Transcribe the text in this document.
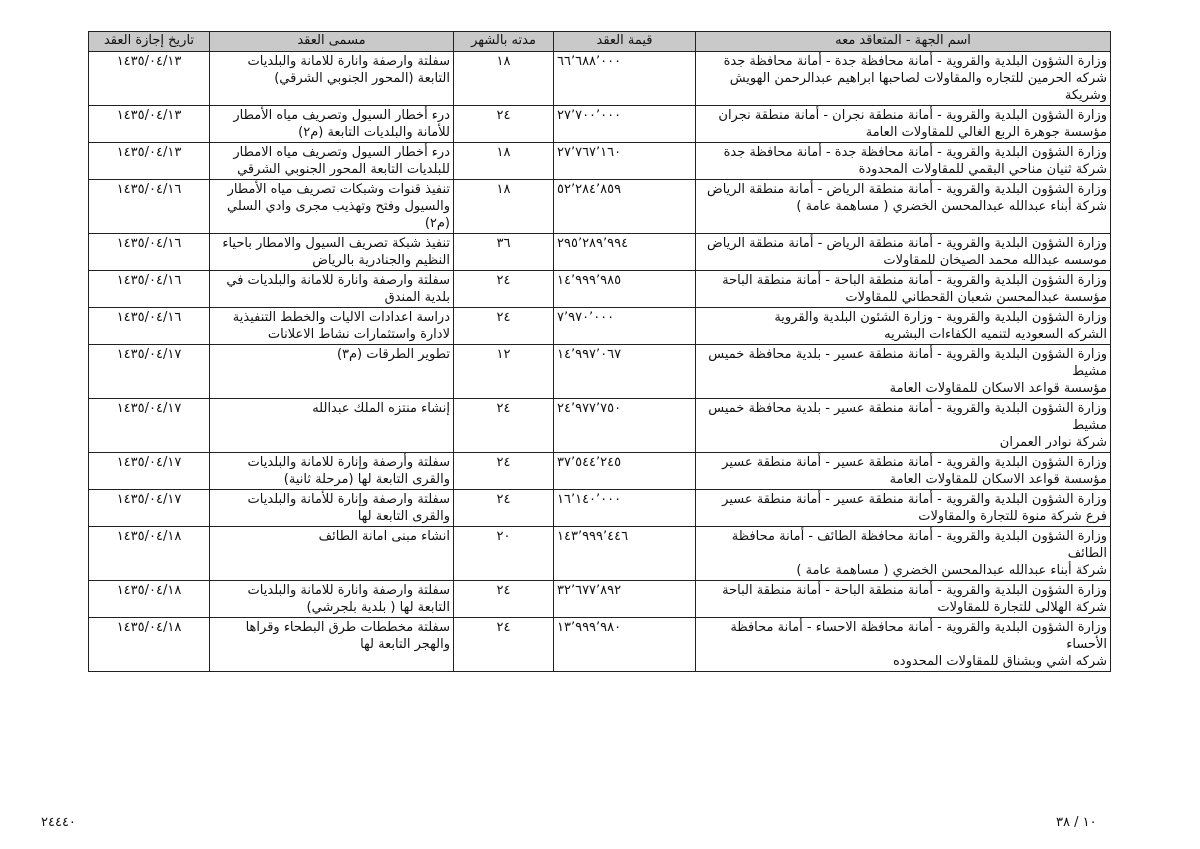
اسم الجهة - المتعاقد معه	قيمة العقد	مدته بالشهر	مسمى العقد	تاريخ إجازة العقد

وزارة الشؤون البلدية والقروية - أمانة محافظة جدة - أمانة محافظة جدة
شركه الحرمين للتجاره والمقاولات لصاحبها ابراهيم عبدالرحمن الهويش
وشريكة	٦٦٬٦٨٨٬٠٠٠	١٨	سفلتة وارصفة وانارة للامانة والبلديات التابعة (المحور الجنوبي الشرقي)	١٤٣٥/٠٤/١٣

وزارة الشؤون البلدية والقروية - أمانة منطقة نجران - أمانة منطقة نجران
مؤسسة جوهرة الربع الغالي للمقاولات العامة	٢٧٬٧٠٠٬٠٠٠	٢٤	درء أخطار السيول وتصريف مياه الأمطار للأمانة والبلديات التابعة (م٢)	١٤٣٥/٠٤/١٣

وزارة الشؤون البلدية والقروية - أمانة محافظة جدة - أمانة محافظة جدة
شركة ثنيان مناحي البقمي للمقاولات المحدودة	٢٧٬٧٦٧٬١٦٠	١٨	درء أخطار السيول وتصريف مياه الامطار للبلديات التابعة المحور الجنوبي الشرقي	١٤٣٥/٠٤/١٣

وزارة الشؤون البلدية والقروية - أمانة منطقة الرياض - أمانة منطقة الرياض
شركة أبناء عبدالله عبدالمحسن الخضري ( مساهمة عامة )	٥٢٬٢٨٤٬٨٥٩	١٨	تنفيذ قنوات وشبكات تصريف مياه الأمطار والسيول وفتح وتهذيب مجرى وادي السلي (م٢)	١٤٣٥/٠٤/١٦

وزارة الشؤون البلدية والقروية - أمانة منطقة الرياض - أمانة منطقة الرياض
موسسه عبدالله محمد الصيخان للمقاولات	٢٩٥٬٢٨٩٬٩٩٤	٣٦	تنفيذ شبكة تصريف السيول والامطار باحياء النظيم والجنادرية بالرياض	١٤٣٥/٠٤/١٦

وزارة الشؤون البلدية والقروية - أمانة منطقة الباحة - أمانة منطقة الباحة
مؤسسة عبدالمحسن شعبان القحطاني للمقاولات	١٤٬٩٩٩٬٩٨٥	٢٤	سفلتة وارصفة وانارة للامانة والبلديات في بلدية المندق	١٤٣٥/٠٤/١٦

وزارة الشؤون البلدية والقروية - وزارة الشئون البلدية والقروية
الشركه السعوديه لتنميه الكفاءات البشريه	٧٬٩٧٠٬٠٠٠	٢٤	دراسة اعدادات الاليات والخطط التنفيذية لادارة واستثمارات نشاط الاعلانات	١٤٣٥/٠٤/١٦

وزارة الشؤون البلدية والقروية - أمانة منطقة عسير - بلدية محافظة خميس
مشيط
مؤسسة قواعد الاسكان للمقاولات العامة	١٤٬٩٩٧٬٠٦٧	١٢	تطوير الطرقات (م٣)	١٤٣٥/٠٤/١٧

وزارة الشؤون البلدية والقروية - أمانة منطقة عسير - بلدية محافظة خميس
مشيط
شركة نوادر العمران	٢٤٬٩٧٧٬٧٥٠	٢٤	إنشاء منتزه الملك عبدالله	١٤٣٥/٠٤/١٧

وزارة الشؤون البلدية والقروية - أمانة منطقة عسير - أمانة منطقة عسير
مؤسسة قواعد الاسكان للمقاولات العامة	٣٧٬٥٤٤٬٢٤٥	٢٤	سفلتة وأرصفة وإنارة للامانة والبلديات والقرى التابعة لها (مرحلة ثانية)	١٤٣٥/٠٤/١٧

وزارة الشؤون البلدية والقروية - أمانة منطقة عسير - أمانة منطقة عسير
فرع شركة منوة للتجارة والمقاولات	١٦٬١٤٠٬٠٠٠	٢٤	سفلتة وارصفة وإنارة للأمانة والبلديات والقرى التابعة لها	١٤٣٥/٠٤/١٧

وزارة الشؤون البلدية والقروية - أمانة محافظة الطائف - أمانة محافظة
الطائف
شركة أبناء عبدالله عبدالمحسن الخضري ( مساهمة عامة )	١٤٣٬٩٩٩٬٤٤٦	٢٠	انشاء مبنى امانة الطائف	١٤٣٥/٠٤/١٨

وزارة الشؤون البلدية والقروية - أمانة منطقة الباحة - أمانة منطقة الباحة
شركة الهلالى للتجارة للمقاولات	٣٢٬٦٧٧٬٨٩٢	٢٤	سفلتة وارصفة وانارة للامانة والبلديات التابعة لها ( بلدية بلجرشي)	١٤٣٥/٠٤/١٨

وزارة الشؤون البلدية والقروية - أمانة محافظة الاحساء - أمانة محافظة
الأحساء
شركه اشي وبشناق للمقاولات المحدوده	١٣٬٩٩٩٬٩٨٠	٢٤	سفلتة مخططات طرق البطحاء وقراها والهجر التابعة لها	١٤٣٥/٠٤/١٨
٢٤٤٤٠	١٠ / ٣٨
